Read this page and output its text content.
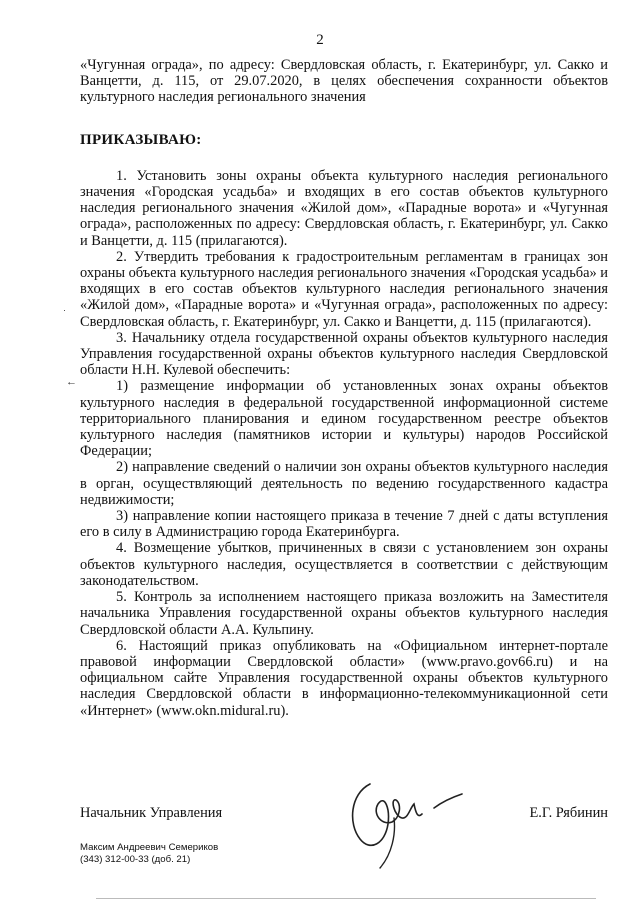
2

«Чугунная ограда», по адресу: Свердловская область, г. Екатеринбург, ул. Сакко и Ванцетти, д. 115, от 29.07.2020, в целях обеспечения сохранности объектов культурного наследия регионального значения

ПРИКАЗЫВАЮ:

1. Установить зоны охраны объекта культурного наследия регионального значения «Городская усадьба» и входящих в его состав объектов культурного наследия регионального значения «Жилой дом», «Парадные ворота» и «Чугунная ограда», расположенных по адресу: Свердловская область, г. Екатеринбург, ул. Сакко и Ванцетти, д. 115 (прилагаются).

2. Утвердить требования к градостроительным регламентам в границах зон охраны объекта культурного наследия регионального значения «Городская усадьба» и входящих в его состав объектов культурного наследия регионального значения «Жилой дом», «Парадные ворота» и «Чугунная ограда», расположенных по адресу: Свердловская область, г. Екатеринбург, ул. Сакко и Ванцетти, д. 115 (прилагаются).

3. Начальнику отдела государственной охраны объектов культурного наследия Управления государственной охраны объектов культурного наследия Свердловской области Н.Н. Кулевой обеспечить:

1) размещение информации об установленных зонах охраны объектов культурного наследия в федеральной государственной информационной системе территориального планирования и едином государственном реестре объектов культурного наследия (памятников истории и культуры) народов Российской Федерации;

2) направление сведений о наличии зон охраны объектов культурного наследия в орган, осуществляющий деятельность по ведению государственного кадастра недвижимости;

3) направление копии настоящего приказа в течение 7 дней с даты вступления его в силу в Администрацию города Екатеринбурга.

4. Возмещение убытков, причиненных в связи с установлением зон охраны объектов культурного наследия, осуществляется в соответствии с действующим законодательством.

5. Контроль за исполнением настоящего приказа возложить на Заместителя начальника Управления государственной охраны объектов культурного наследия Свердловской области А.А. Кульпину.

6. Настоящий приказ опубликовать на «Официальном интернет-портале правовой информации Свердловской области» (www.pravo.gov66.ru) и на официальном сайте Управления государственной охраны объектов культурного наследия Свердловской области в информационно-телекоммуникационной сети «Интернет» (www.okn.midural.ru).

Начальник Управления	Е.Г. Рябинин
Максим Андреевич Семериков
(343) 312-00-33 (доб. 21)
←
·
